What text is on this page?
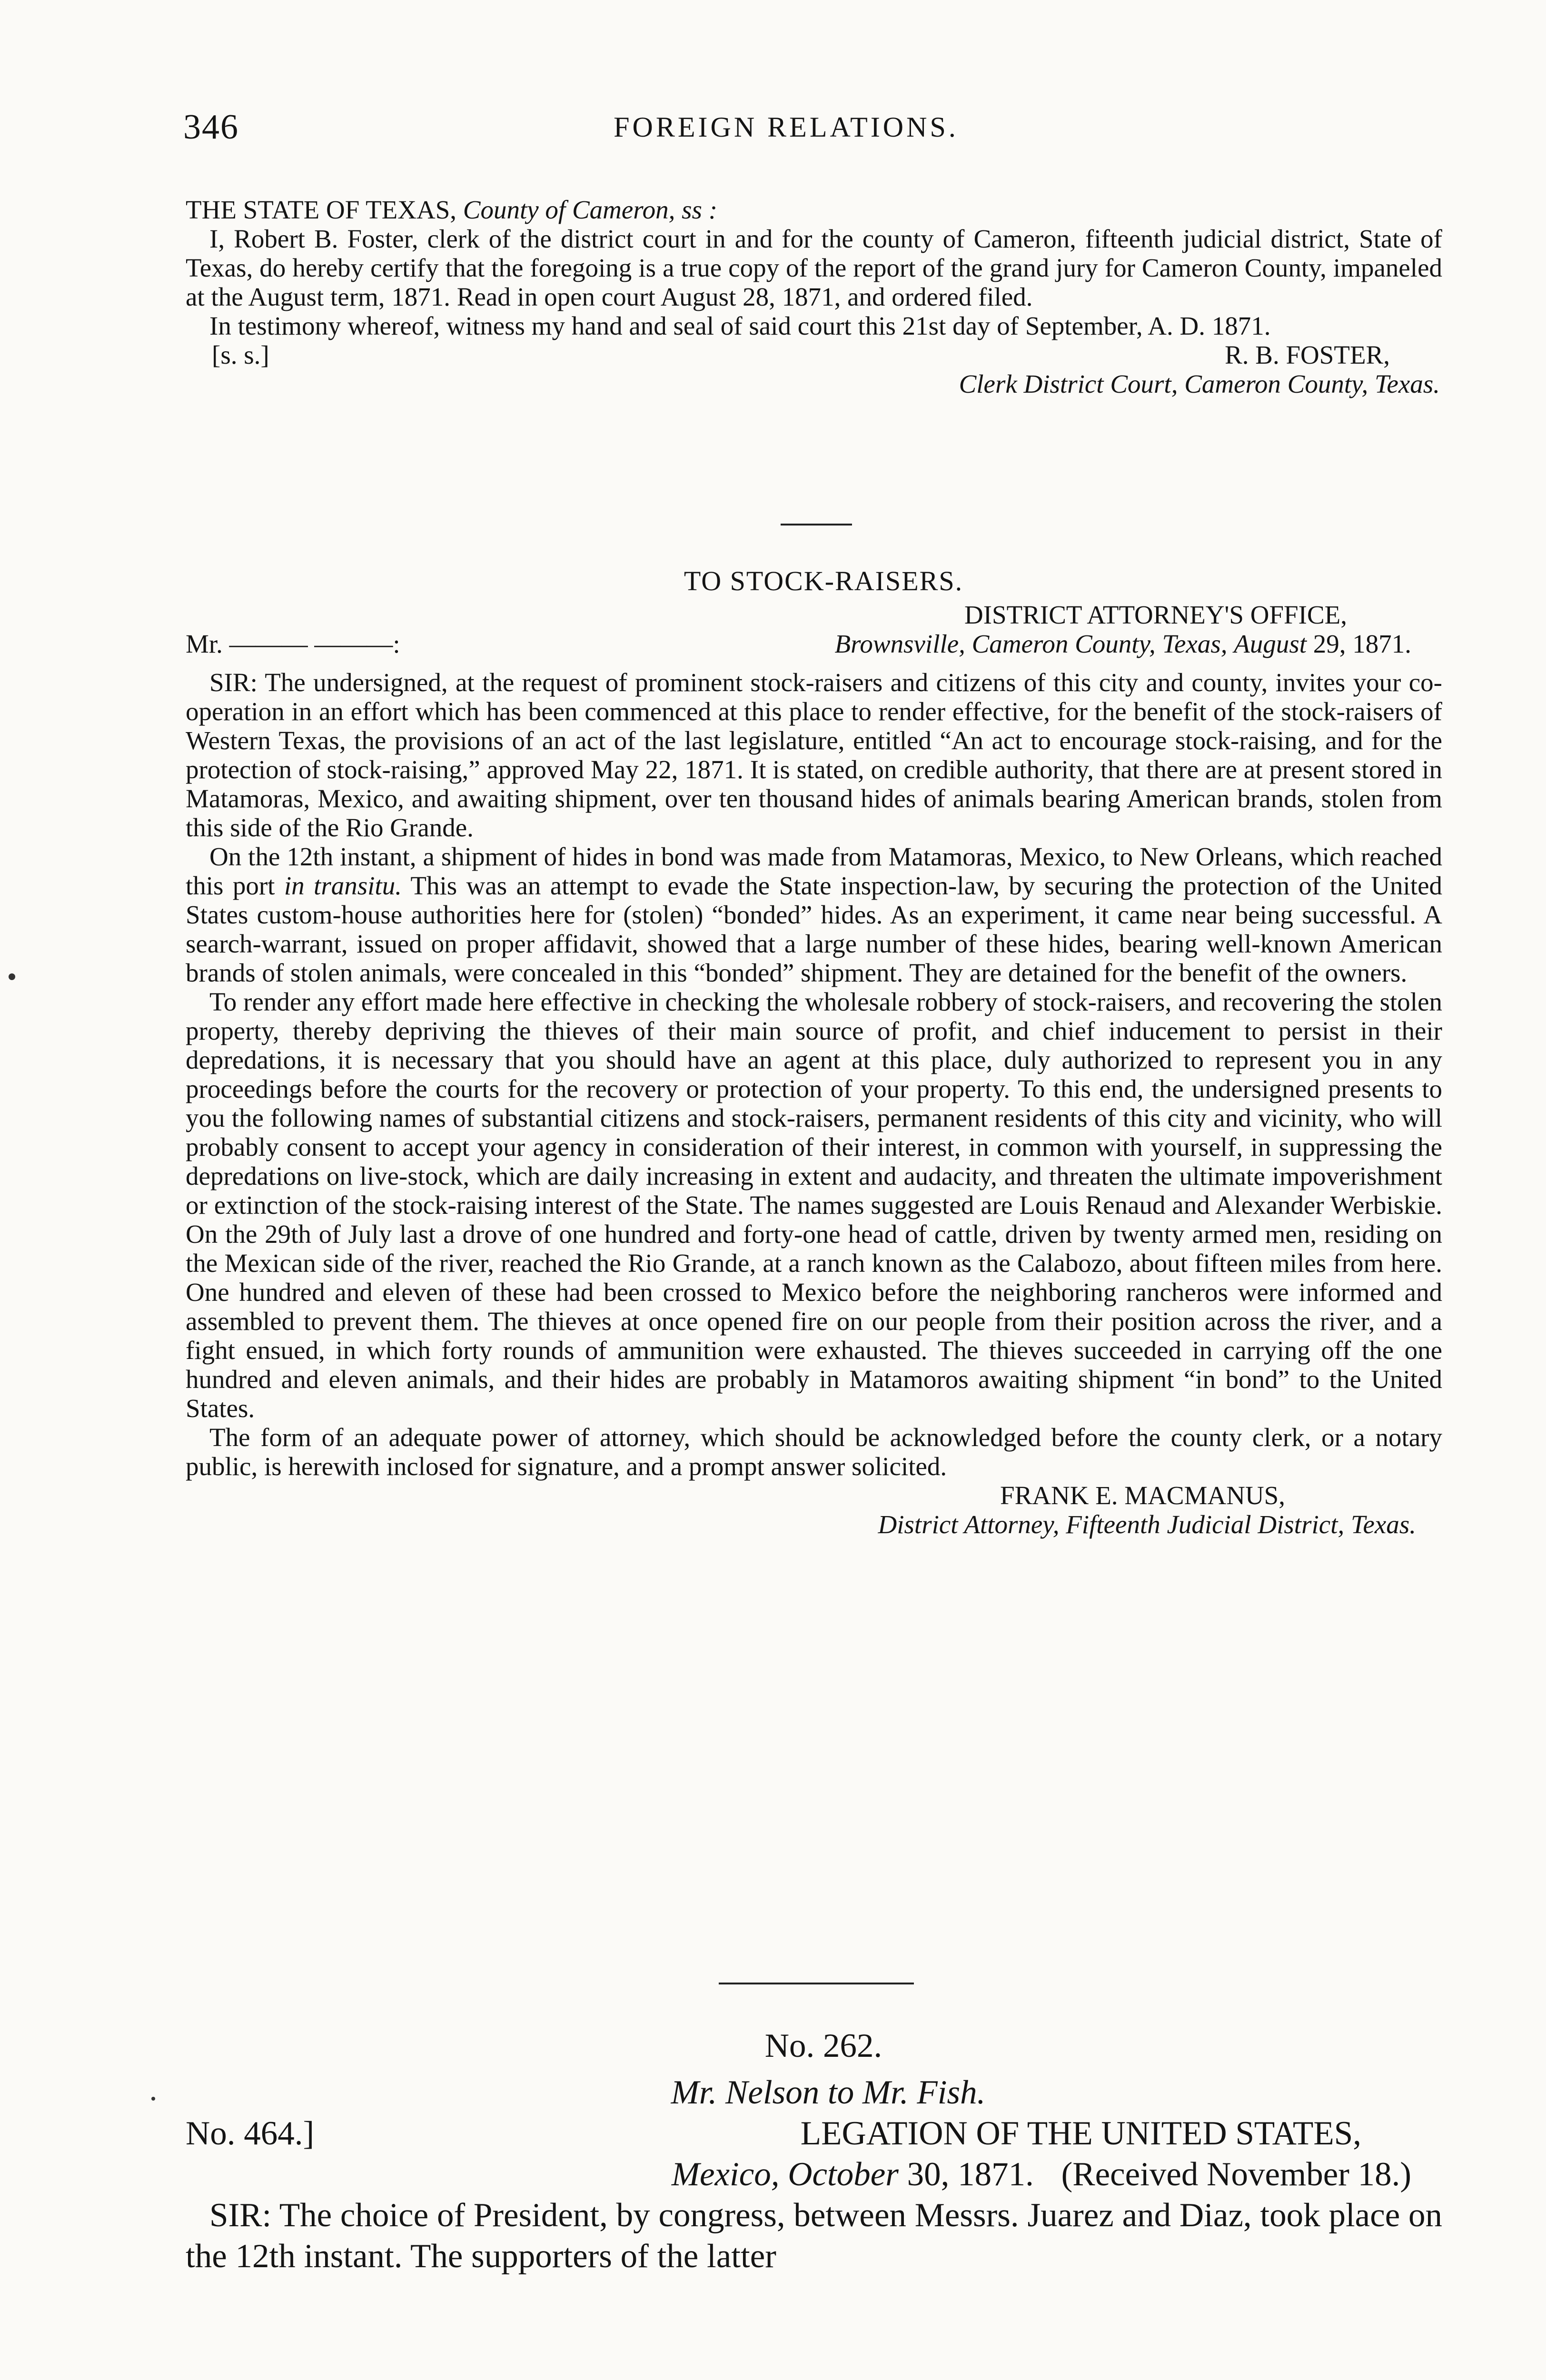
346	FOREIGN RELATIONS.

THE STATE OF TEXAS, County of Cameron, ss :

I, Robert B. Foster, clerk of the district court in and for the county of Cameron, fifteenth judicial district, State of Texas, do hereby certify that the foregoing is a true copy of the report of the grand jury for Cameron County, impaneled at the August term, 1871. Read in open court August 28, 1871, and ordered filed.

In testimony whereof, witness my hand and seal of said court this 21st day of September, A. D. 1871.

[s. s.]	R. B. FOSTER,

Clerk District Court, Cameron County, Texas.

TO STOCK-RAISERS.

DISTRICT ATTORNEY'S OFFICE,

Brownsville, Cameron County, Texas, August 29, 1871.

Mr. ——— ———:

SIR: The undersigned, at the request of prominent stock-raisers and citizens of this city and county, invites your co-operation in an effort which has been commenced at this place to render effective, for the benefit of the stock-raisers of Western Texas, the provisions of an act of the last legislature, entitled “An act to encourage stock-raising, and for the protection of stock-raising,” approved May 22, 1871. It is stated, on credible authority, that there are at present stored in Matamoras, Mexico, and awaiting shipment, over ten thousand hides of animals bearing American brands, stolen from this side of the Rio Grande.

On the 12th instant, a shipment of hides in bond was made from Matamoras, Mexico, to New Orleans, which reached this port in transitu. This was an attempt to evade the State inspection-law, by securing the protection of the United States custom-house authorities here for (stolen) “bonded” hides. As an experiment, it came near being successful. A search-warrant, issued on proper affidavit, showed that a large number of these hides, bearing well-known American brands of stolen animals, were concealed in this “bonded” shipment. They are detained for the benefit of the owners.

To render any effort made here effective in checking the wholesale robbery of stock-raisers, and recovering the stolen property, thereby depriving the thieves of their main source of profit, and chief inducement to persist in their depredations, it is necessary that you should have an agent at this place, duly authorized to represent you in any proceedings before the courts for the recovery or protection of your property. To this end, the undersigned presents to you the following names of substantial citizens and stock-raisers, permanent residents of this city and vicinity, who will probably consent to accept your agency in consideration of their interest, in common with yourself, in suppressing the depredations on live-stock, which are daily increasing in extent and audacity, and threaten the ultimate impoverishment or extinction of the stock-raising interest of the State. The names suggested are Louis Renaud and Alexander Werbiskie. On the 29th of July last a drove of one hundred and forty-one head of cattle, driven by twenty armed men, residing on the Mexican side of the river, reached the Rio Grande, at a ranch known as the Calabozo, about fifteen miles from here. One hundred and eleven of these had been crossed to Mexico before the neighboring rancheros were informed and assembled to prevent them. The thieves at once opened fire on our people from their position across the river, and a fight ensued, in which forty rounds of ammunition were exhausted. The thieves succeeded in carrying off the one hundred and eleven animals, and their hides are probably in Matamoros awaiting shipment “in bond” to the United States.

The form of an adequate power of attorney, which should be acknowledged before the county clerk, or a notary public, is herewith inclosed for signature, and a prompt answer solicited.

FRANK E. MACMANUS,

District Attorney, Fifteenth Judicial District, Texas.

No. 262.

Mr. Nelson to Mr. Fish.

No. 464.]	LEGATION OF THE UNITED STATES,

Mexico, October 30, 1871. (Received November 18.)

SIR: The choice of President, by congress, between Messrs. Juarez and Diaz, took place on the 12th instant. The supporters of the latter
